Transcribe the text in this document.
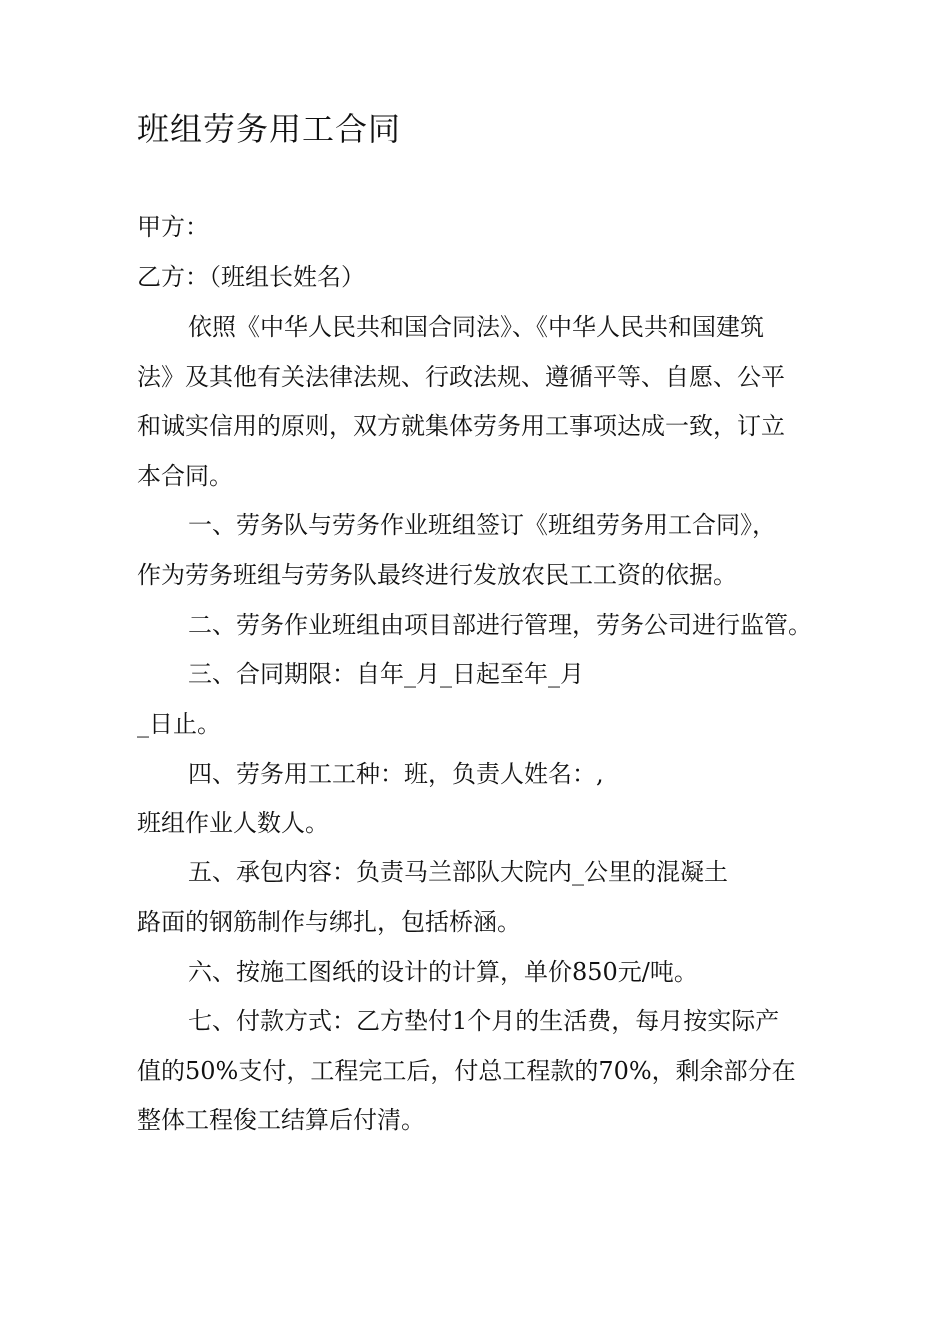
班组劳务用工合同
甲方：
乙方：（班组长姓名）
依照《中华人民共和国合同法》、《中华人民共和国建筑
法》及其他有关法律法规、行政法规、遵循平等、自愿、公平
和诚实信用的原则，双方就集体劳务用工事项达成一致，订立
本合同。
一、劳务队与劳务作业班组签订《班组劳务用工合同》，
作为劳务班组与劳务队最终进行发放农民工工资的依据。
二、劳务作业班组由项目部进行管理，劳务公司进行监管。
三、合同期限：自年_月_日起至年_月
_日止。
四、劳务用工工种：班，负责人姓名：,
班组作业人数人。
五、承包内容：负责马兰部队大院内_公里的混凝土
路面的钢筋制作与绑扎，包括桥涵。
六、按施工图纸的设计的计算，单价850元/吨。
七、付款方式：乙方垫付1个月的生活费，每月按实际产
值的50%支付，工程完工后，付总工程款的70%，剩余部分在
整体工程俊工结算后付清。
